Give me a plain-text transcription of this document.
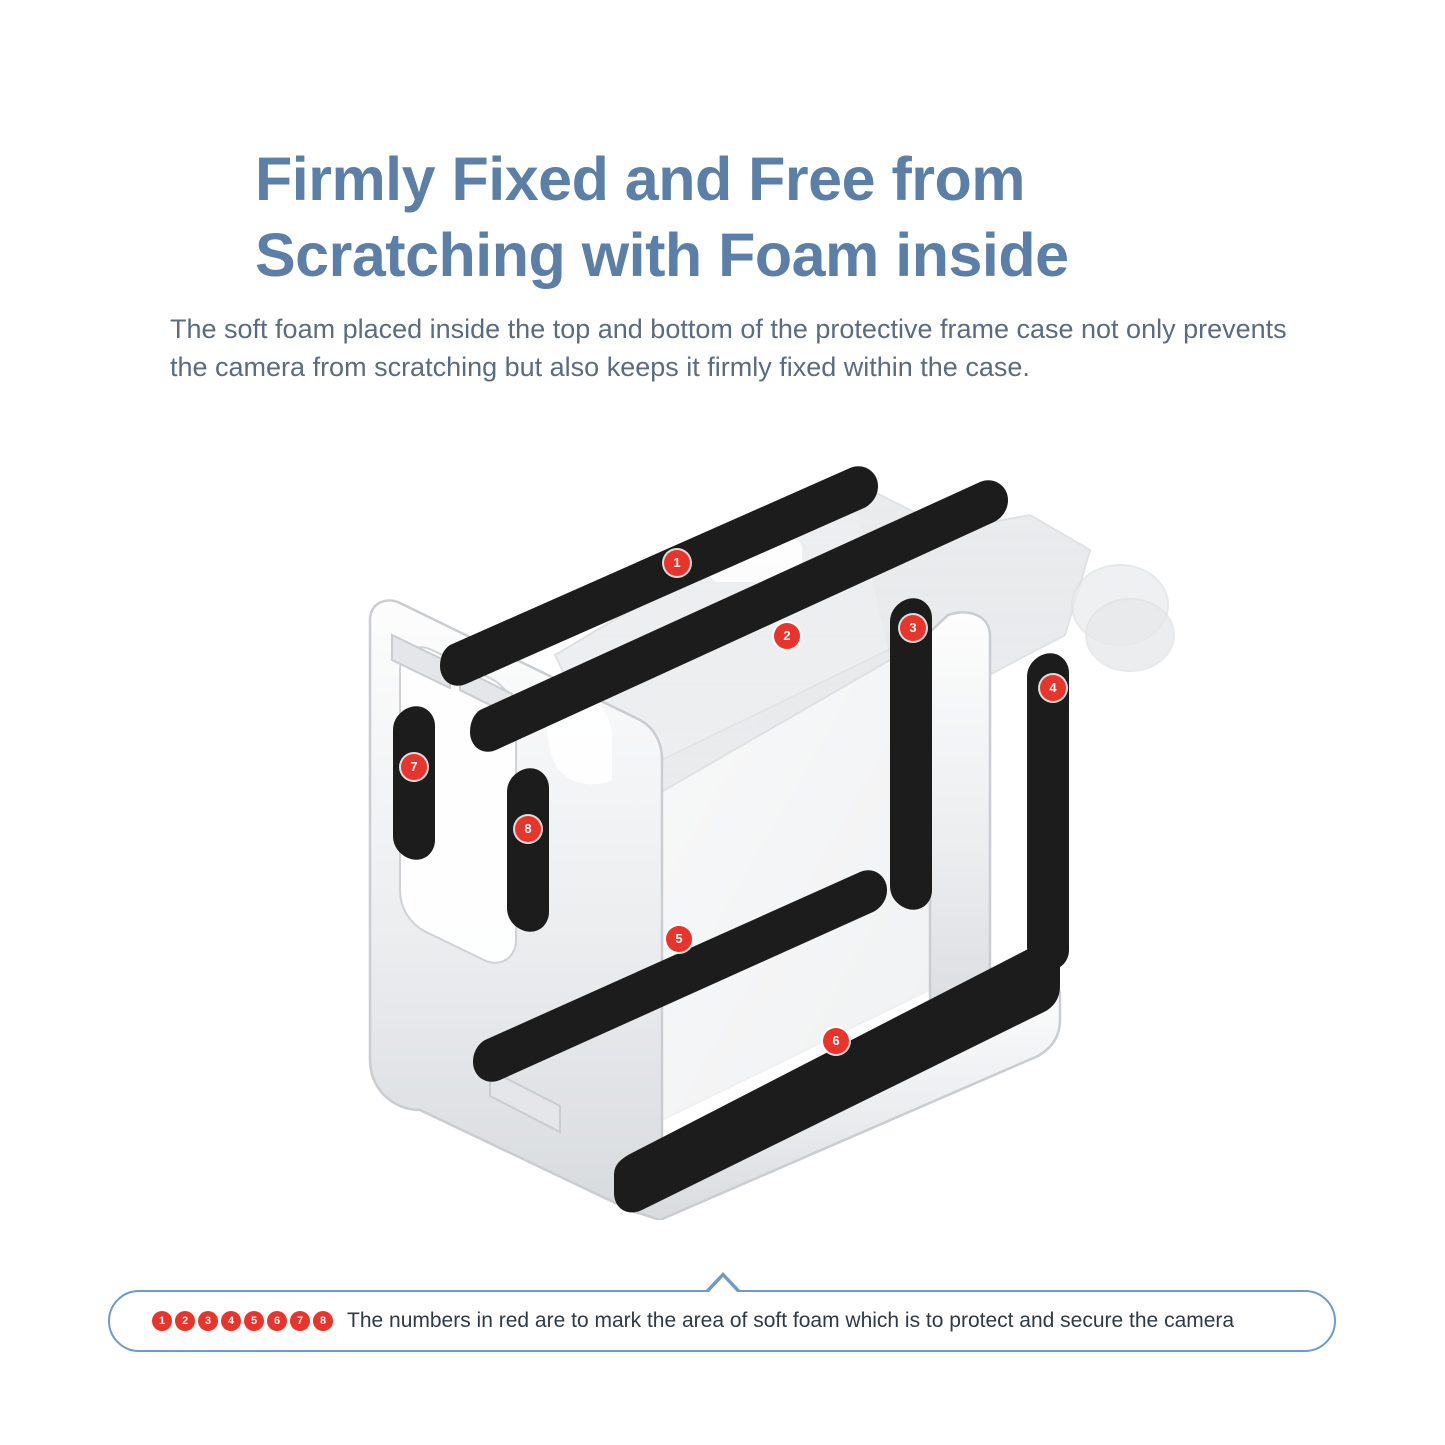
Firmly Fixed and Free from
Scratching with Foam inside

The soft foam placed inside the top and bottom of the protective frame case not only prevents the camera from scratching but also keeps it firmly fixed within the case.

1
2
3
4
5
6
7
8
1	2	3	4	5	6	7	8 The numbers in red are to mark the area of soft foam which is to protect and secure the camera
